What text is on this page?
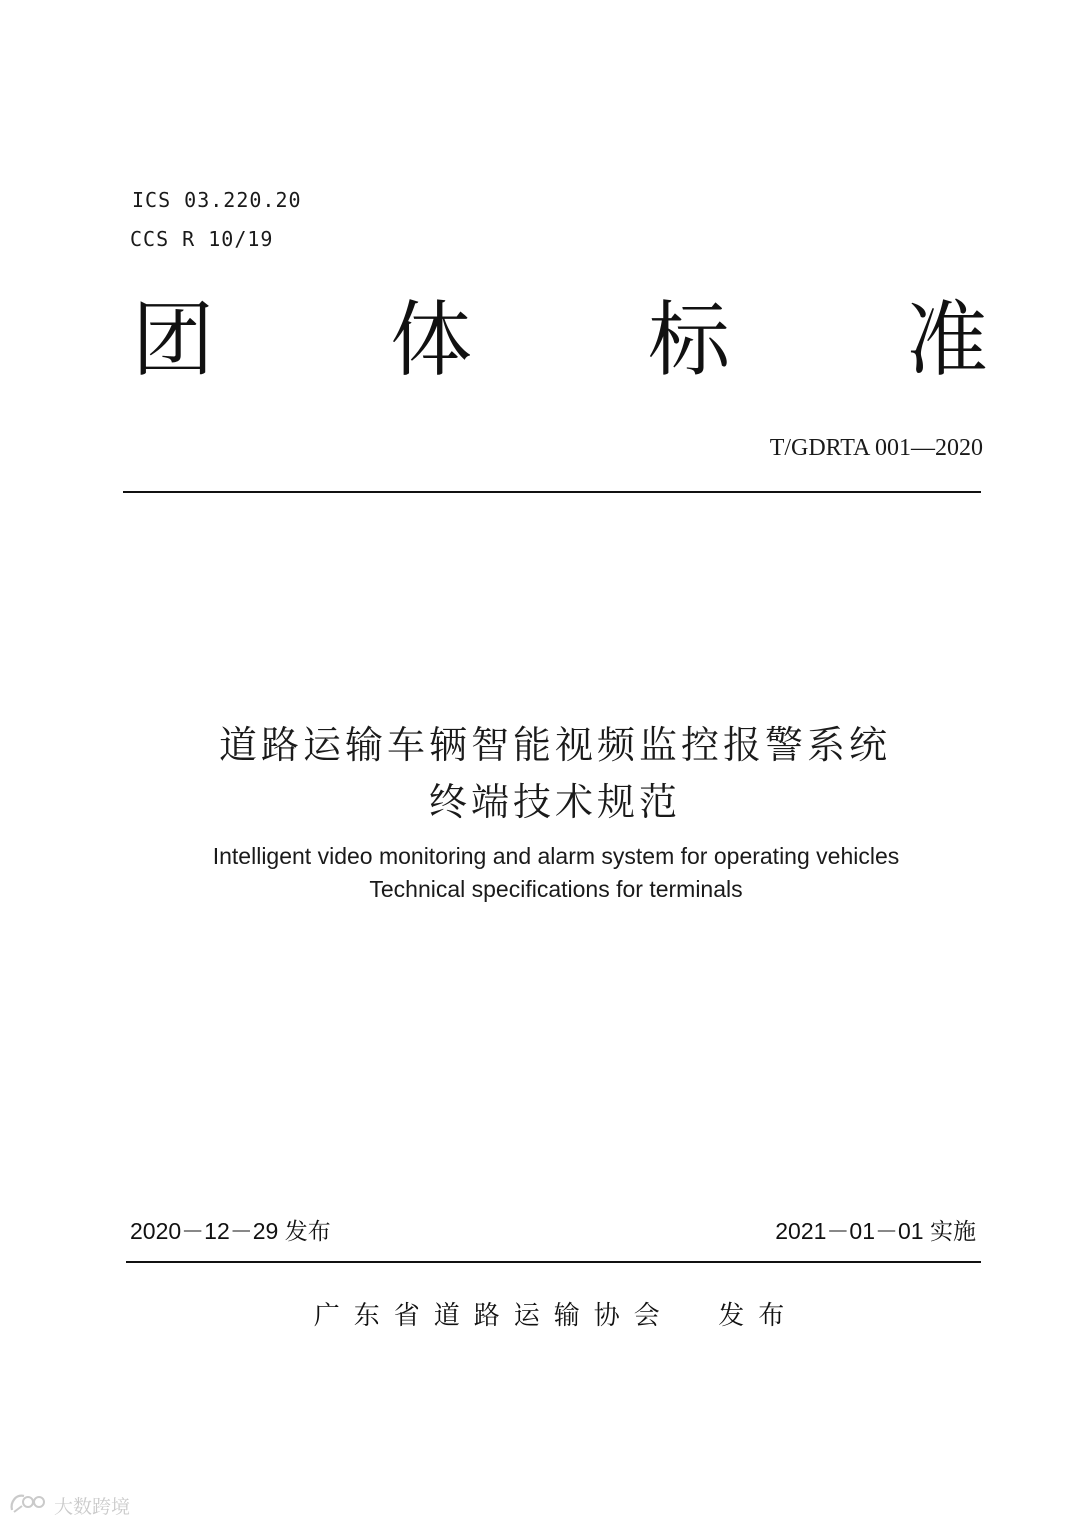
ICS 03.220.20
CCS R 10/19
团 体 标 准
T/GDRTA 001—2020
道路运输车辆智能视频监控报警系统
终端技术规范
Intelligent video monitoring and alarm system for operating vehicles
Technical specifications for terminals
2020－12－29 发布	2021－01－01 实施
广东省道路运输协会  发布
大数跨境
